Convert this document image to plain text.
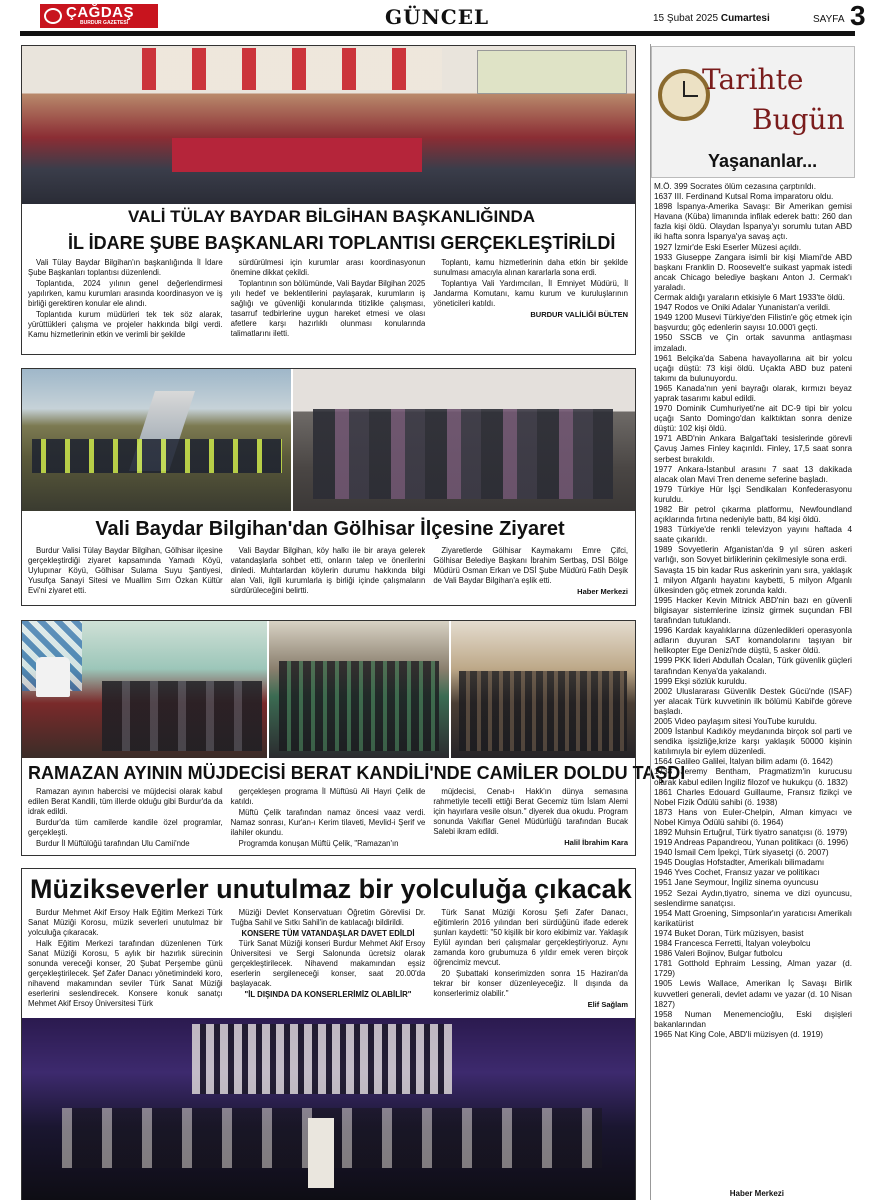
ÇAĞDAŞ
BURDUR GAZETESİ	GÜNCEL	15 Şubat 2025 Cumartesi	SAYFA 3
VALİ TÜLAY BAYDAR BİLGİHAN BAŞKANLIĞINDA
İL İDARE ŞUBE BAŞKANLARI TOPLANTISI GERÇEKLEŞTİRİLDİ

Vali Tülay Baydar Bilgihan'ın başkanlığında İl İdare Şube Başkanları toplantısı düzenlendi.

Toplantıda, 2024 yılının genel değerlendirmesi yapılırken, kamu kurumları arasında koordinasyon ve iş birliği gerektiren konular ele alındı.

Toplantıda kurum müdürleri tek tek söz alarak, yürüttükleri çalışma ve projeler hakkında bilgi verdi. Kamu hizmetlerinin etkin ve verimli bir şekilde

sürdürülmesi için kurumlar arası koordinasyonun önemine dikkat çekildi.

Toplantının son bölümünde, Vali Baydar Bilgihan 2025 yılı hedef ve beklentilerini paylaşarak, kurumların iş sağlığı ve güvenliği konularında titizlikle çalışması, tasarruf tedbirlerine uygun hareket etmesi ve olası afetlere karşı hazırlıklı olunması konularında talimatlarını iletti.

Toplantı, kamu hizmetlerinin daha etkin bir şekilde sunulması amacıyla alınan kararlarla sona erdi.

Toplantıya Vali Yardımcıları, İl Emniyet Müdürü, İl Jandarma Komutanı, kamu kurum ve kuruluşlarının yöneticileri katıldı.

BURDUR VALİLİĞİ BÜLTEN
Vali Baydar Bilgihan'dan Gölhisar İlçesine Ziyaret

Burdur Valisi Tülay Baydar Bilgihan, Gölhisar ilçesine gerçekleştirdiği ziyaret kapsamında Yamadı Köyü, Uylupınar Köyü, Gölhisar Sulama Suyu Şantiyesi, Yusufça Sanayi Sitesi ve Muallim Sırrı Özkan Kültür Evi'ni ziyaret etti.

Vali Baydar Bilgihan, köy halkı ile bir araya gelerek vatandaşlarla sohbet etti, onların talep ve önerilerini dinledi. Muhtarlardan köylerin durumu hakkında bilgi alan Vali, ilgili kurumlarla iş birliği içinde çalışmaların sürdürüleceğini belirtti.

Ziyaretlerde Gölhisar Kaymakamı Emre Çifci, Gölhisar Belediye Başkanı İbrahim Sertbaş, DSİ Bölge Müdürü Osman Erkan ve DSİ Şube Müdürü Fatih Deşik de Vali Baydar Bilgihan'a eşlik etti.

Haber Merkezi
RAMAZAN AYININ MÜJDECİSİ BERAT KANDİLİ'NDE CAMİLER DOLDU TAŞDI

Ramazan ayının habercisi ve müjdecisi olarak kabul edilen Berat Kandili, tüm illerde olduğu gibi Burdur'da da idrak edildi.

Burdur'da tüm camilerde kandile özel programlar, gerçekleşti.

Burdur İl Müftülüğü tarafından Ulu Camii'nde

gerçekleşen programa İl Müftüsü Ali Hayri Çelik de katıldı.

Müftü Çelik tarafından namaz öncesi vaaz verdi. Namaz sonrası, Kur'an-ı Kerim tilaveti, Mevlid-i Şerif ve ilahiler okundu.

Programda konuşan Müftü Çelik, "Ramazan'ın

müjdecisi, Cenab-ı Hakk'ın dünya semasına rahmetiyle tecelli ettiği Berat Gecemiz tüm İslam Alemi için hayırlara vesile olsun." diyerek dua okudu. Program sonunda Vakıflar Genel Müdürlüğü tarafından Bucak Salebi ikram edildi.

Halil İbrahim Kara
Müzikseverler unutulmaz bir yolculuğa çıkacak

Burdur Mehmet Akif Ersoy Halk Eğitim Merkezi Türk Sanat Müziği Korosu, müzik severleri unutulmaz bir yolculuğa çıkaracak.

Halk Eğitim Merkezi tarafından düzenlenen Türk Sanat Müziği Korosu, 5 aylık bir hazırlık sürecinin sonunda vereceği konser, 20 Şubat Perşembe günü gerçekleştirilecek. Şef Zafer Danacı yönetimindeki koro, nihavend makamından seviler Türk Sanat Müziği eserlerini seslendirecek. Konsere konuk sanatçı Mehmet Akif Ersoy Üniversitesi Türk

Müziği Devlet Konservatuarı Öğretim Görevlisi Dr. Tuğba Sahil ve Sıtkı Sahil'in de katılacağı bildirildi.

KONSERE TÜM VATANDAŞLAR DAVET EDİLDİ

Türk Sanat Müziği konseri Burdur Mehmet Akif Ersoy Üniversitesi ve Sergi Salonunda ücretsiz olarak gerçekleştirilecek. Nihavend makamından eşsiz eserlerin sergileneceği konser, saat 20.00'da başlayacak.

"İL DIŞINDA DA KONSERLERİMİZ OLABİLİR"

Türk Sanat Müziği Korosu Şefi Zafer Danacı, eğitimlerin 2016 yılından beri sürdüğünü ifade ederek şunları kaydetti: "50 kişilik bir koro ekibimiz var. Yaklaşık Eylül ayından beri çalışmalar gerçekleştiriyoruz. Aynı zamanda koro grubumuza 6 yıldır emek veren birçok öğrencimiz mevcut.

20 Şubattaki konserimizden sonra 15 Haziran'da tekrar bir konser düzenleyeceğiz. İl dışında da konserlerimiz olabilir."

Elif Sağlam
Tarihte
Bugün
Yaşananlar...
M.Ö. 399 Socrates ölüm cezasına çarptırıldı.
1637 III. Ferdinand Kutsal Roma imparatoru oldu.
1898 İspanya-Amerika Savaşı: Bir Amerikan gemisi Havana (Küba) limanında infilak ederek battı: 260 dan fazla kişi öldü. Olaydan İspanya'yı sorumlu tutan ABD iki hafta sonra İspanya'ya savaş açtı.
1927 İzmir'de Eski Eserler Müzesi açıldı.
1933 Giuseppe Zangara isimli bir kişi Miami'de ABD başkanı Franklin D. Roosevelt'e suikast yapmak istedi ancak Chicago belediye başkanı Anton J. Cermak'ı yaraladı.
Cermak aldığı yaraların etkisiyle 6 Mart 1933'te öldü.
1947 Rodos ve Oniki Adalar Yunanistan'a verildi.
1949 1200 Musevi Türkiye'den Filistin'e göç etmek için başvurdu; göç edenlerin sayısı 10.000'i geçti.
1950 SSCB ve Çin ortak savunma antlaşması imzaladı.
1961 Belçika'da Sabena havayollarına ait bir yolcu uçağı düştü: 73 kişi öldü. Uçakta ABD buz pateni takımı da bulunuyordu.
1965 Kanada'nın yeni bayrağı olarak, kırmızı beyaz yaprak tasarımı kabul edildi.
1970 Dominik Cumhuriyeti'ne ait DC-9 tipi bir yolcu uçağı Santo Domingo'dan kalktıktan sonra denize düştü: 102 kişi öldü.
1971 ABD'nin Ankara Balgat'taki tesislerinde görevli Çavuş James Finley kaçırıldı. Finley, 17,5 saat sonra serbest bırakıldı.
1977 Ankara-İstanbul arasını 7 saat 13 dakikada alacak olan Mavi Tren deneme seferine başladı.
1979 Türkiye Hür İşçi Sendikaları Konfederasyonu kuruldu.
1982 Bir petrol çıkarma platformu, Newfoundland açıklarında fırtına nedeniyle battı, 84 kişi öldü.
1983 Türkiye'de renkli televizyon yayını haftada 4 saate çıkarıldı.
1989 Sovyetlerin Afganistan'da 9 yıl süren askeri varlığı, son Sovyet birliklerinin çekilmesiyle sona erdi.
Savaşta 15 bin kadar Rus askerinin yanı sıra, yaklaşık 1 milyon Afganlı hayatını kaybetti, 5 milyon Afganlı ülkesinden göç etmek zorunda kaldı.
1995 Hacker Kevin Mitnick ABD'nin bazı en güvenli bilgisayar sistemlerine izinsiz girmek suçundan FBI tarafından tutuklandı.
1996 Kardak kayalıklarına düzenledikleri operasyonla adların duyuran SAT komandolarını taşıyan bir helikopter Ege Denizi'nde düştü, 5 asker öldü.
1999 PKK lideri Abdullah Öcalan, Türk güvenlik güçleri tarafından Kenya'da yakalandı.
1999 Ekşi sözlük kuruldu.
2002 Uluslararası Güvenlik Destek Gücü'nde (ISAF) yer alacak Türk kuvvetinin ilk bölümü Kabil'de göreve başladı.
2005 Video paylaşım sitesi YouTube kuruldu.
2009 İstanbul Kadıköy meydanında birçok sol parti ve sendika işsizliğe,krize karşı yaklaşık 50000 kişinin katılımıyla bir eylem düzenledi.
1564 Galileo Galilei, İtalyan bilim adamı (ö. 1642)
1738 Jeremy Bentham, Pragmatizm'in kurucusu olarak kabul edilen İngiliz filozof ve hukukçu (ö. 1832)
1861 Charles Edouard Guillaume, Fransız fizikçi ve Nobel Fizik Ödülü sahibi (ö. 1938)
1873 Hans von Euler-Chelpin, Alman kimyacı ve Nobel Kimya Ödülü sahibi (ö. 1964)
1892 Muhsin Ertuğrul, Türk tiyatro sanatçısı (ö. 1979)
1919 Andreas Papandreou, Yunan politikacı (ö. 1996)
1940 İsmail Cem İpekçi, Türk siyasetçi (ö. 2007)
1945 Douglas Hofstadter, Amerikalı bilimadamı
1946 Yves Cochet, Fransız yazar ve politikacı
1951 Jane Seymour, İngiliz sinema oyuncusu
1952 Sezai Aydın,tiyatro, sinema ve dizi oyuncusu, seslendirme sanatçısı.
1954 Matt Groening, Simpsonlar'ın yaratıcısı Amerikalı karikatürist
1974 Buket Doran, Türk müzisyen, basist
1984 Francesca Ferretti, İtalyan voleybolcu
1986 Valeri Bojinov, Bulgar futbolcu
1781 Gotthold Ephraim Lessing, Alman yazar (d. 1729)
1905 Lewis Wallace, Amerikan İç Savaşı Birlik kuvvetleri generali, devlet adamı ve yazar (d. 10 Nisan 1827)
1958 Numan Menemencioğlu, Eski dışişleri bakanlarından
1965 Nat King Cole, ABD'li müzisyen (d. 1919)
Haber Merkezi
